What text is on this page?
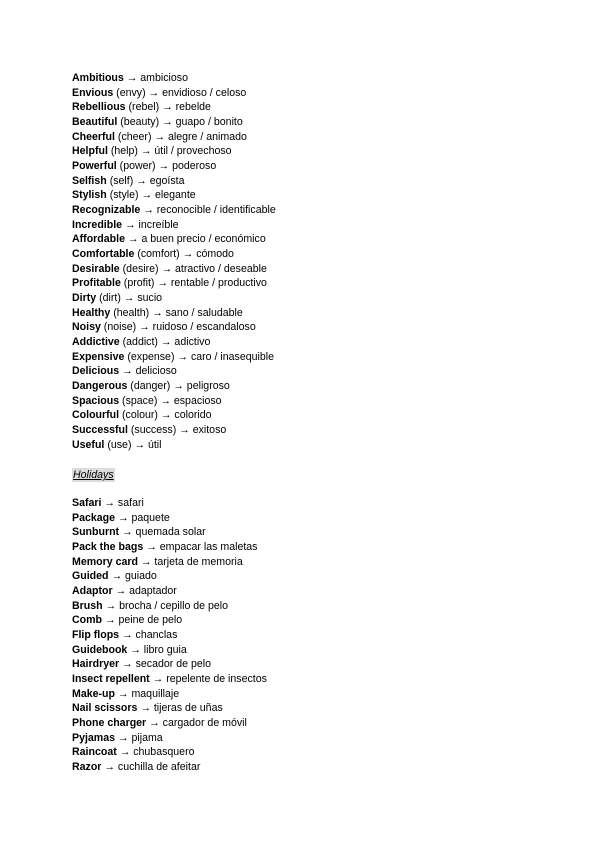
Ambitious → ambicioso
Envious (envy) → envidioso / celoso
Rebellious (rebel) → rebelde
Beautiful (beauty) → guapo / bonito
Cheerful (cheer) → alegre / animado
Helpful (help) → útil / provechoso
Powerful (power) → poderoso
Selfish (self) → egoísta
Stylish (style) → elegante
Recognizable → reconocible / identificable
Incredible → increíble
Affordable → a buen precio / económico
Comfortable (comfort) → cómodo
Desirable (desire) → atractivo / deseable
Profitable (profit) → rentable / productivo
Dirty (dirt) → sucio
Healthy (health) → sano / saludable
Noisy (noise) → ruidoso / escandaloso
Addictive (addict) → adictivo
Expensive (expense) → caro / inasequible
Delicious → delicioso
Dangerous (danger) → peligroso
Spacious (space) → espacioso
Colourful (colour) → colorido
Successful (success) → exitoso
Useful (use) → útil
Holidays
Safari → safari
Package → paquete
Sunburnt → quemada solar
Pack the bags → empacar las maletas
Memory card → tarjeta de memoria
Guided → guiado
Adaptor → adaptador
Brush → brocha / cepillo de pelo
Comb → peine de pelo
Flip flops → chanclas
Guidebook → libro guia
Hairdryer → secador de pelo
Insect repellent → repelente de insectos
Make-up → maquillaje
Nail scissors → tijeras de uñas
Phone charger → cargador de móvil
Pyjamas → pijama
Raincoat → chubasquero
Razor → cuchilla de afeitar
